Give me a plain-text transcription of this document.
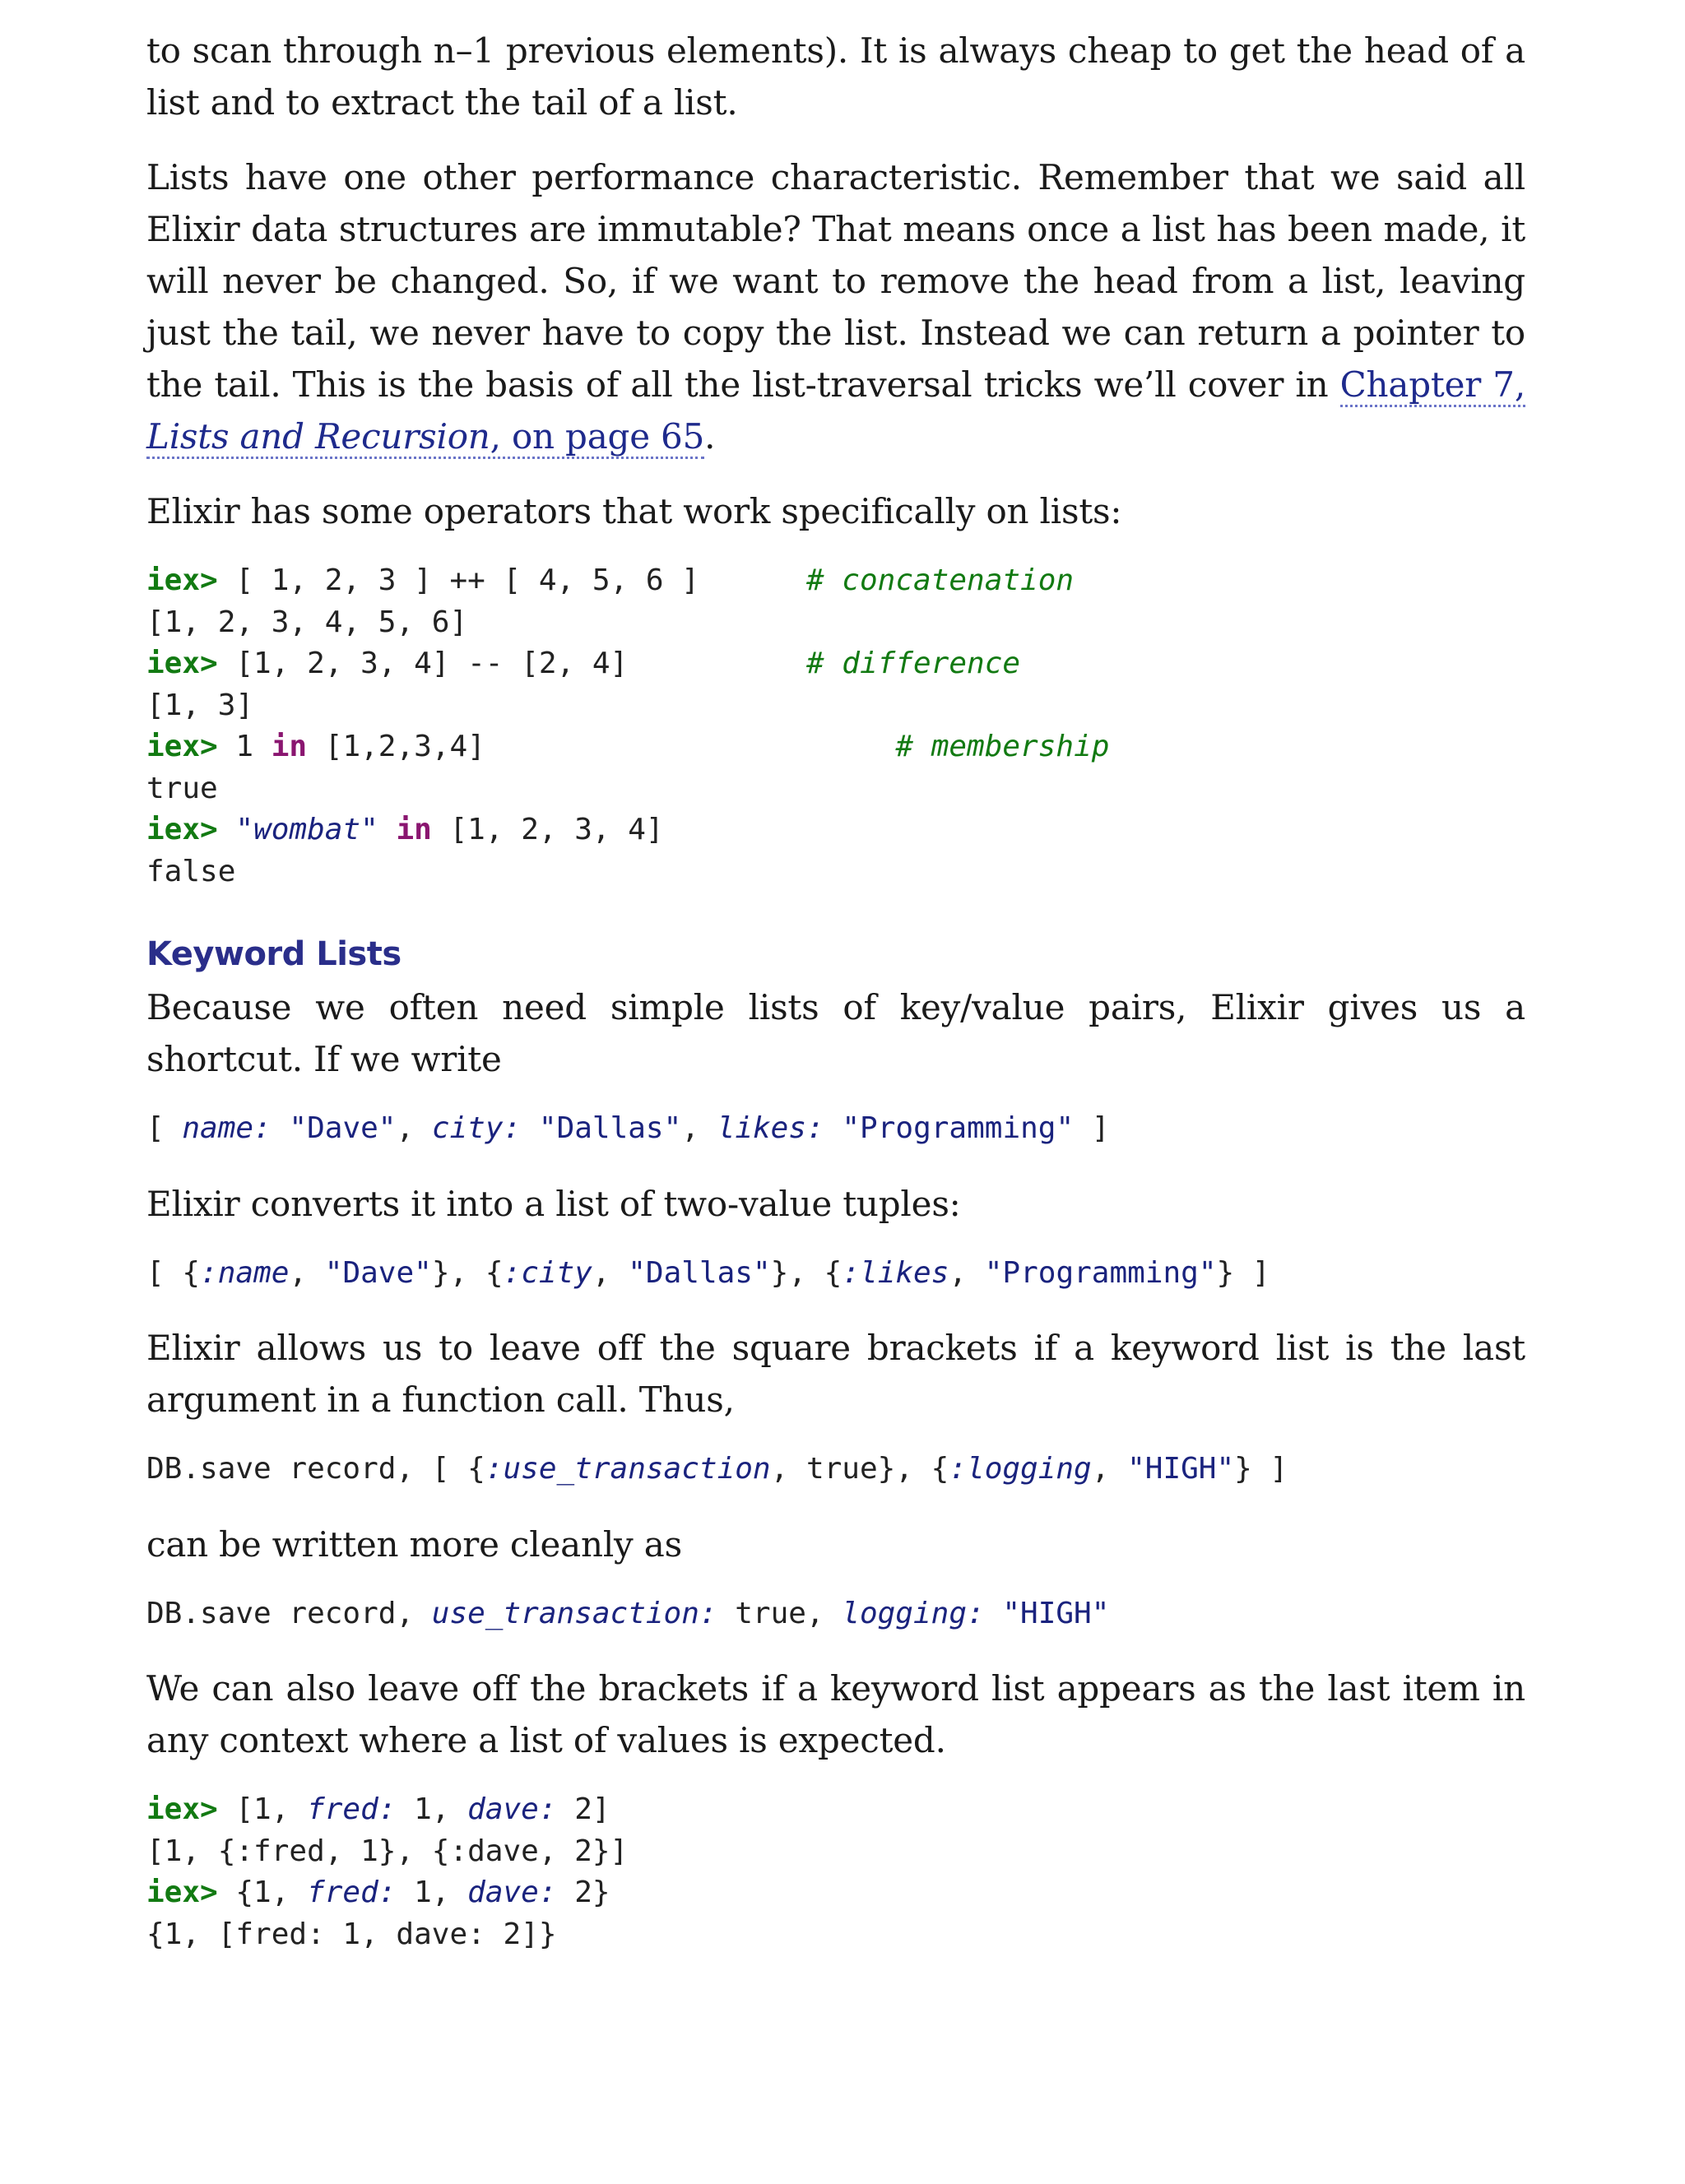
to scan through n–1 previous elements). It is always cheap to get the head of a list and to extract the tail of a list.

Lists have one other performance characteristic. Remember that we said all Elixir data structures are immutable? That means once a list has been made, it will never be changed. So, if we want to remove the head from a list, leaving just the tail, we never have to copy the list. Instead we can return a pointer to the tail. This is the basis of all the list-traversal tricks we’ll cover in Chapter 7, Lists and Recursion, on page 65.

Elixir has some operators that work specifically on lists:

iex> [ 1, 2, 3 ] ++ [ 4, 5, 6 ]      # concatenation
[1, 2, 3, 4, 5, 6]
iex> [1, 2, 3, 4] -- [2, 4]          # difference
[1, 3]
iex> 1 in [1,2,3,4]                       # membership
true
iex> "wombat" in [1, 2, 3, 4]
false
Keyword Lists

Because we often need simple lists of key/value pairs, Elixir gives us a shortcut. If we write

[ name: "Dave", city: "Dallas", likes: "Programming" ]

Elixir converts it into a list of two-value tuples:

[ {:name, "Dave"}, {:city, "Dallas"}, {:likes, "Programming"} ]

Elixir allows us to leave off the square brackets if a keyword list is the last argument in a function call. Thus,

DB.save record, [ {:use_transaction, true}, {:logging, "HIGH"} ]

can be written more cleanly as

DB.save record, use_transaction: true, logging: "HIGH"

We can also leave off the brackets if a keyword list appears as the last item in any context where a list of values is expected.

iex> [1, fred: 1, dave: 2]
[1, {:fred, 1}, {:dave, 2}]
iex> {1, fred: 1, dave: 2}
{1, [fred: 1, dave: 2]}
